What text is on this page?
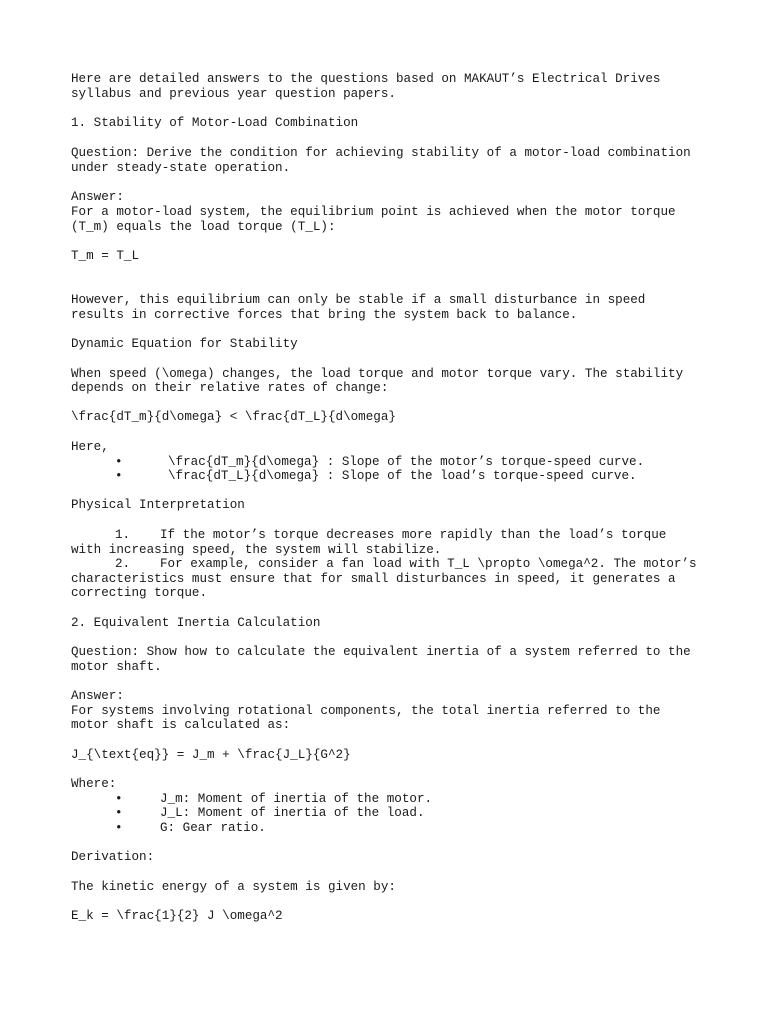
Here are detailed answers to the questions based on MAKAUT’s Electrical Drives

syllabus and previous year question papers.

1. Stability of Motor-Load Combination

Question: Derive the condition for achieving stability of a motor-load combination

under steady-state operation.

Answer:

For a motor-load system, the equilibrium point is achieved when the motor torque

(T_m) equals the load torque (T_L):

T_m = T_L

However, this equilibrium can only be stable if a small disturbance in speed

results in corrective forces that bring the system back to balance.

Dynamic Equation for Stability

When speed (\omega) changes, the load torque and motor torque vary. The stability

depends on their relative rates of change:

\frac{dT_m}{d\omega} < \frac{dT_L}{d\omega}

Here,

•	\frac{dT_m}{d\omega} : Slope of the motor’s torque-speed curve.

•	\frac{dT_L}{d\omega} : Slope of the load’s torque-speed curve.

Physical Interpretation

1. If the motor’s torque decreases more rapidly than the load’s torque

with increasing speed, the system will stabilize.

2. For example, consider a fan load with T_L \propto \omega^2. The motor’s

characteristics must ensure that for small disturbances in speed, it generates a

correcting torque.

2. Equivalent Inertia Calculation

Question: Show how to calculate the equivalent inertia of a system referred to the

motor shaft.

Answer:

For systems involving rotational components, the total inertia referred to the

motor shaft is calculated as:

J_{\text{eq}} = J_m + \frac{J_L}{G^2}

Where:

•	J_m: Moment of inertia of the motor.

•	J_L: Moment of inertia of the load.

•	G: Gear ratio.

Derivation:

The kinetic energy of a system is given by:

E_k = \frac{1}{2} J \omega^2
